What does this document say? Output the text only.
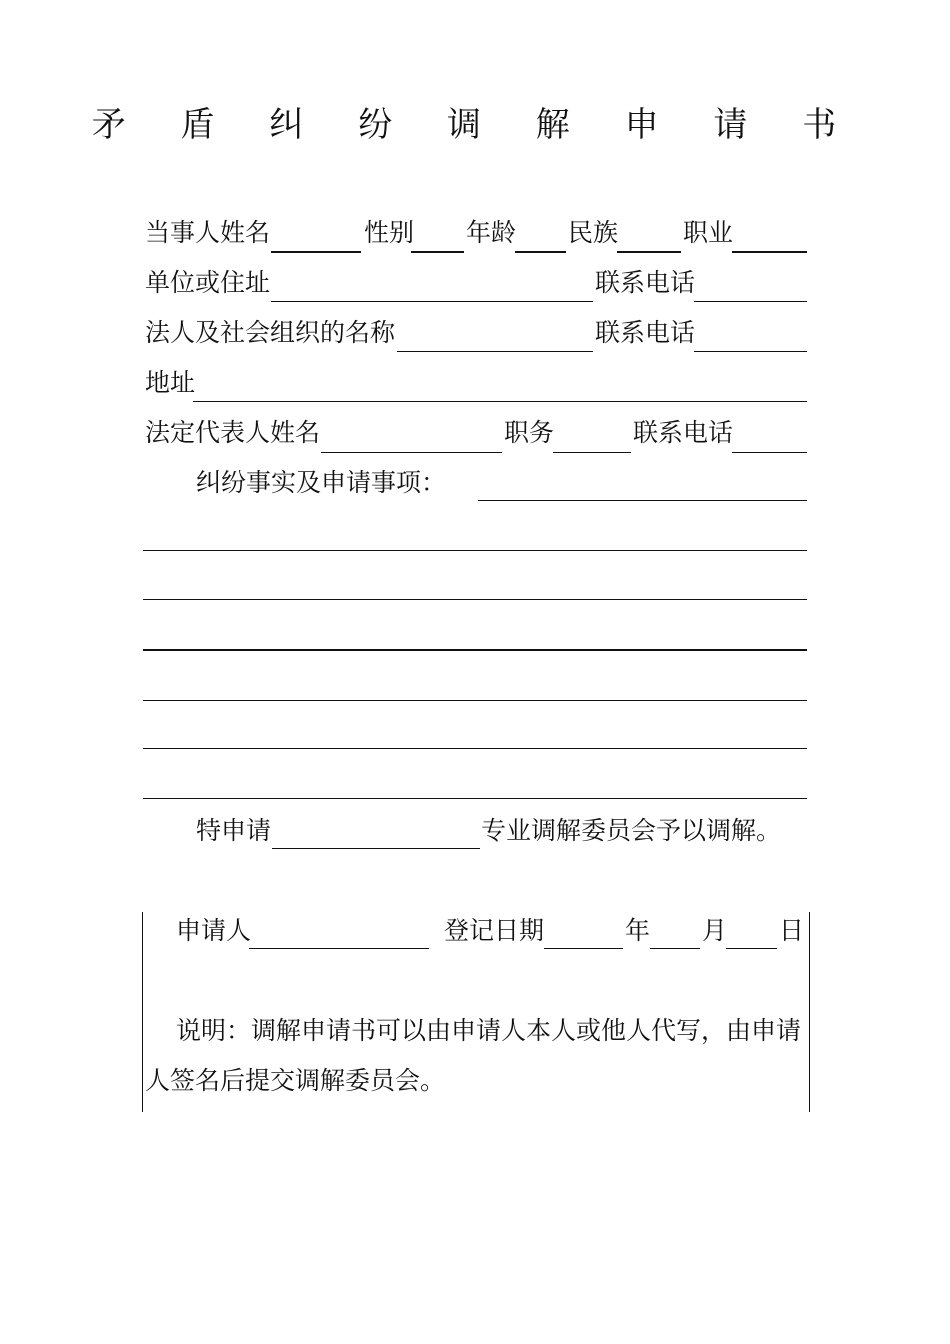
矛 盾 纠 纷 调 解 申 请 书
当事人姓名	性别 年龄 民族	职业
单位或住址	联系电话
法人及社会组织的名称	联系电话
地址
法定代表人姓名	职务	联系电话
纠纷事实及申请事项：
特申请	专业调解委员会予以调解。
申请人	登记日期	年 月 日
说明：调解申请书可以由申请人本人或他人代写，由申请
人签名后提交调解委员会。
